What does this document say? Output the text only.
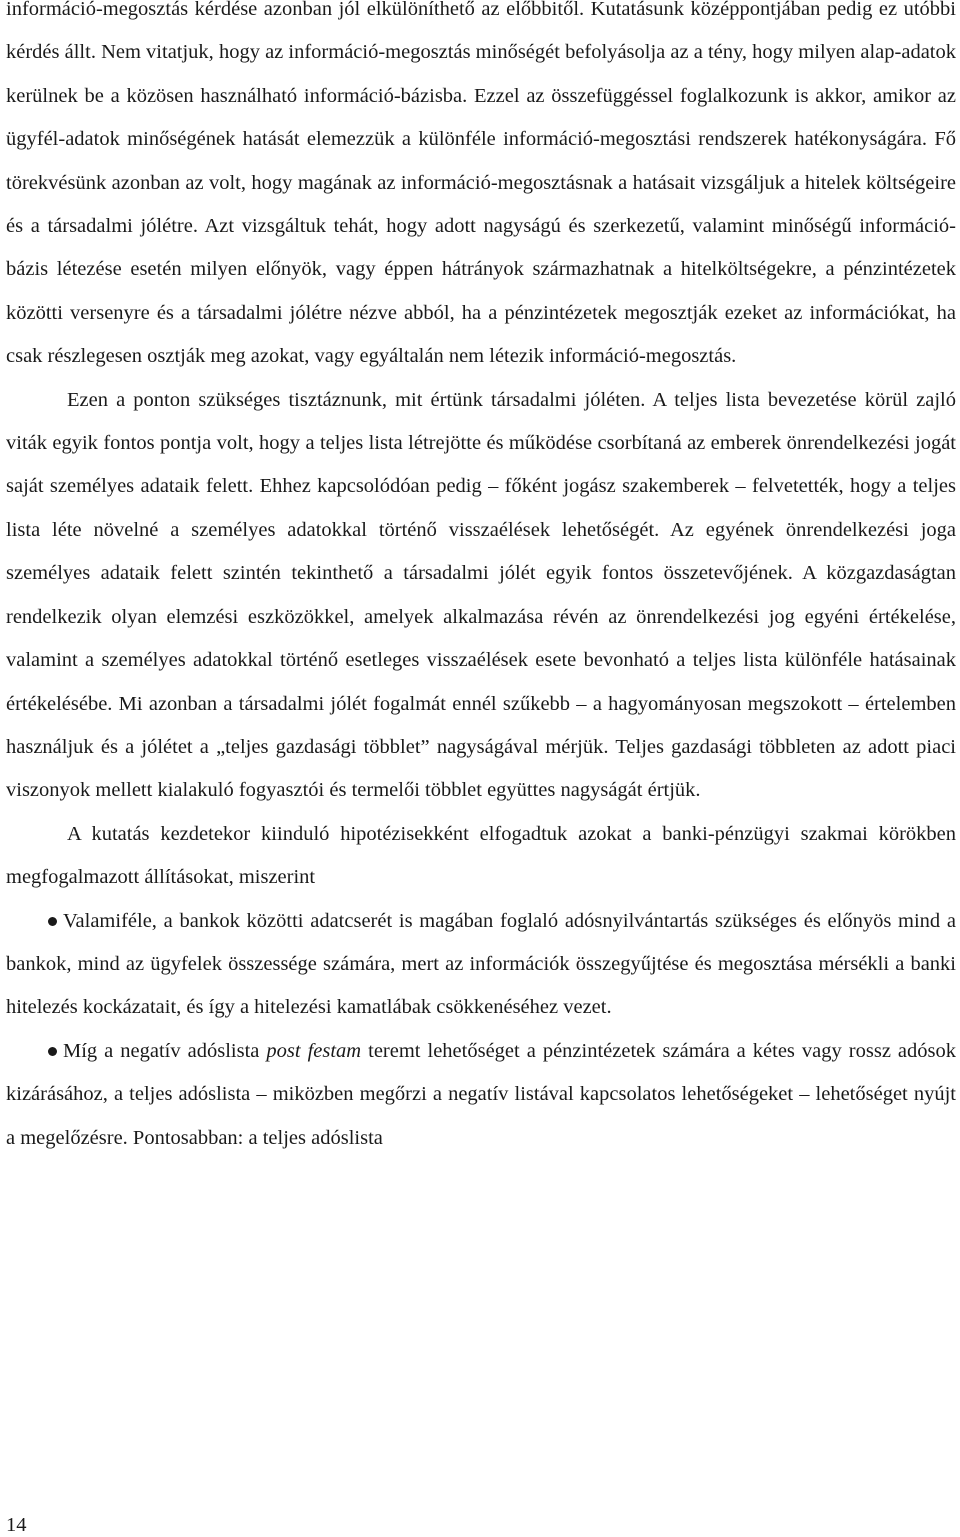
információ-megosztás kérdése azonban jól elkülöníthető az előbbitől. Kutatásunk középpontjában pedig ez utóbbi kérdés állt. Nem vitatjuk, hogy az információ-megosztás minőségét befolyásolja az a tény, hogy milyen alap-adatok kerülnek be a közösen használható információ-bázisba. Ezzel az összefüggéssel foglalkozunk is akkor, amikor az ügyfél-adatok minőségének hatását elemezzük a különféle információ-megosztási rendszerek hatékonyságára. Fő törekvésünk azonban az volt, hogy magának az információ-megosztásnak a hatásait vizsgáljuk a hitelek költségeire és a társadalmi jólétre. Azt vizsgáltuk tehát, hogy adott nagyságú és szerkezetű, valamint minőségű információ-bázis létezése esetén milyen előnyök, vagy éppen hátrányok származhatnak a hitelköltségekre, a pénzintézetek közötti versenyre és a társadalmi jólétre nézve abból, ha a pénzintézetek megosztják ezeket az információkat, ha csak részlegesen osztják meg azokat, vagy egyáltalán nem létezik információ-megosztás.

Ezen a ponton szükséges tisztáznunk, mit értünk társadalmi jóléten. A teljes lista bevezetése körül zajló viták egyik fontos pontja volt, hogy a teljes lista létrejötte és működése csorbítaná az emberek önrendelkezési jogát saját személyes adataik felett. Ehhez kapcsolódóan pedig – főként jogász szakemberek – felvetették, hogy a teljes lista léte növelné a személyes adatokkal történő visszaélések lehetőségét. Az egyének önrendelkezési joga személyes adataik felett szintén tekinthető a társadalmi jólét egyik fontos összetevőjének. A közgazdaságtan rendelkezik olyan elemzési eszközökkel, amelyek alkalmazása révén az önrendelkezési jog egyéni értékelése, valamint a személyes adatokkal történő esetleges visszaélések esete bevonható a teljes lista különféle hatásainak értékelésébe. Mi azonban a társadalmi jólét fogalmát ennél szűkebb – a hagyományosan megszokott – értelemben használjuk és a jólétet a „teljes gazdasági többlet” nagyságával mérjük. Teljes gazdasági többleten az adott piaci viszonyok mellett kialakuló fogyasztói és termelői többlet együttes nagyságát értjük.

A kutatás kezdetekor kiinduló hipotézisekként elfogadtuk azokat a banki-pénzügyi szakmai körökben megfogalmazott állításokat, miszerint

Valamiféle, a bankok közötti adatcserét is magában foglaló adósnyilvántartás szükséges és előnyös mind a bankok, mind az ügyfelek összessége számára, mert az információk összegyűjtése és megosztása mérsékli a banki hitelezés kockázatait, és így a hitelezési kamatlábak csökkenéséhez vezet.

Míg a negatív adóslista post festam teremt lehetőséget a pénzintézetek számára a kétes vagy rossz adósok kizárásához, a teljes adóslista – miközben megőrzi a negatív listával kapcsolatos lehetőségeket – lehetőséget nyújt a megelőzésre. Pontosabban: a teljes adóslista

14
